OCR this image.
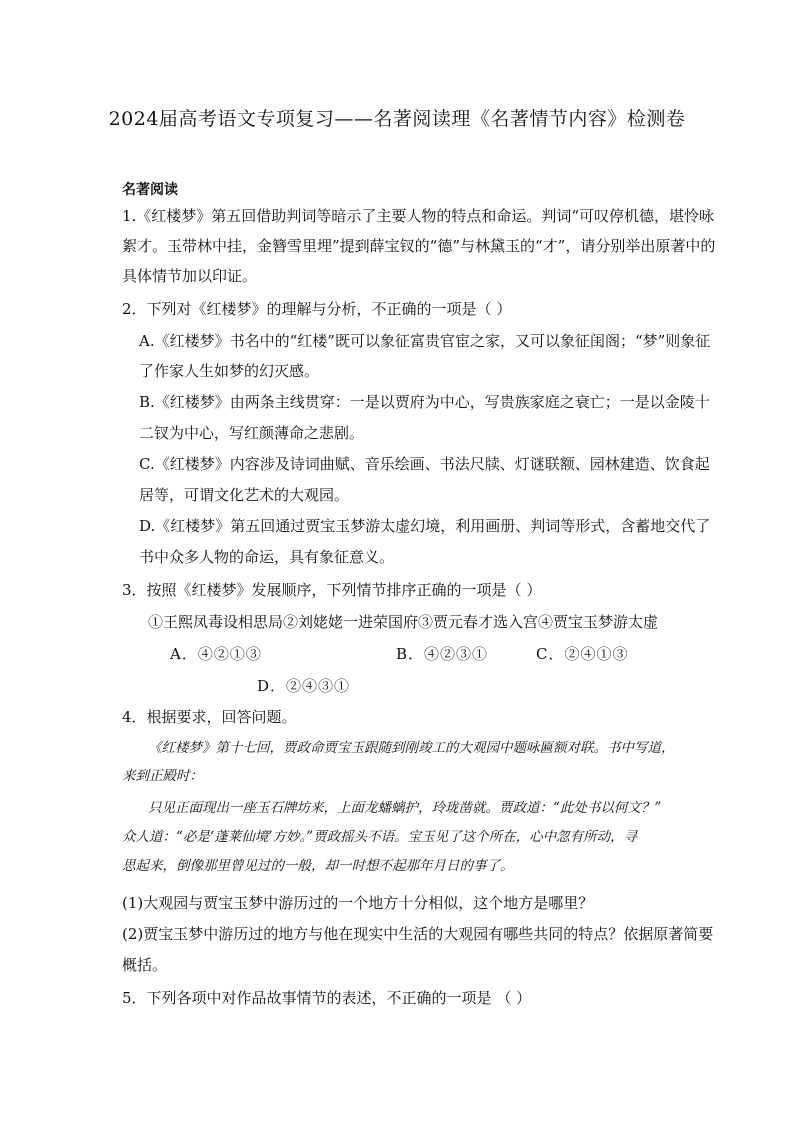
2024届高考语文专项复习——名著阅读理《名著情节内容》检测卷
名著阅读
1.《红楼梦》第五回借助判词等暗示了主要人物的特点和命运。判词“可叹停机德，堪怜咏
絮才。玉带林中挂，金簪雪里埋”提到薛宝钗的“德”与林黛玉的“才”，请分别举出原著中的
具体情节加以印证。
2．下列对《红楼梦》的理解与分析，不正确的一项是（ ）
A.《红楼梦》书名中的“红楼”既可以象征富贵官宦之家，又可以象征闺阁；“梦”则象征
了作家人生如梦的幻灭感。
B.《红楼梦》由两条主线贯穿：一是以贾府为中心，写贵族家庭之衰亡；一是以金陵十
二钗为中心，写红颜薄命之悲剧。
C.《红楼梦》内容涉及诗词曲赋、音乐绘画、书法尺牍、灯谜联额、园林建造、饮食起
居等，可谓文化艺术的大观园。
D.《红楼梦》第五回通过贾宝玉梦游太虚幻境，利用画册、判词等形式，含蓄地交代了
书中众多人物的命运，具有象征意义。
3．按照《红楼梦》发展顺序，下列情节排序正确的一项是（ ）
①王熙凤毒设相思局②刘姥姥一进荣国府③贾元春才选入宫④贾宝玉梦游太虚
A．④②①③	B．④②③①	C．②④①③
D．②④③①
4．根据要求，回答问题。
《红楼梦》第十七回，贾政命贾宝玉跟随到刚竣工的大观园中题咏匾额对联。书中写道，
来到正殿时：
只见正面现出一座玉石牌坊来，上面龙蟠螭护，玲珑凿就。贾政道：“此处书以何文？”
众人道：“必是‘蓬莱仙境’方妙。”贾政摇头不语。宝玉见了这个所在，心中忽有所动，寻
思起来，倒像那里曾见过的一般，却一时想不起那年月日的事了。
(1)大观园与贾宝玉梦中游历过的一个地方十分相似，这个地方是哪里？
(2)贾宝玉梦中游历过的地方与他在现实中生活的大观园有哪些共同的特点？依据原著简要
概括。
5．下列各项中对作品故事情节的表述，不正确的一项是 （ ）
